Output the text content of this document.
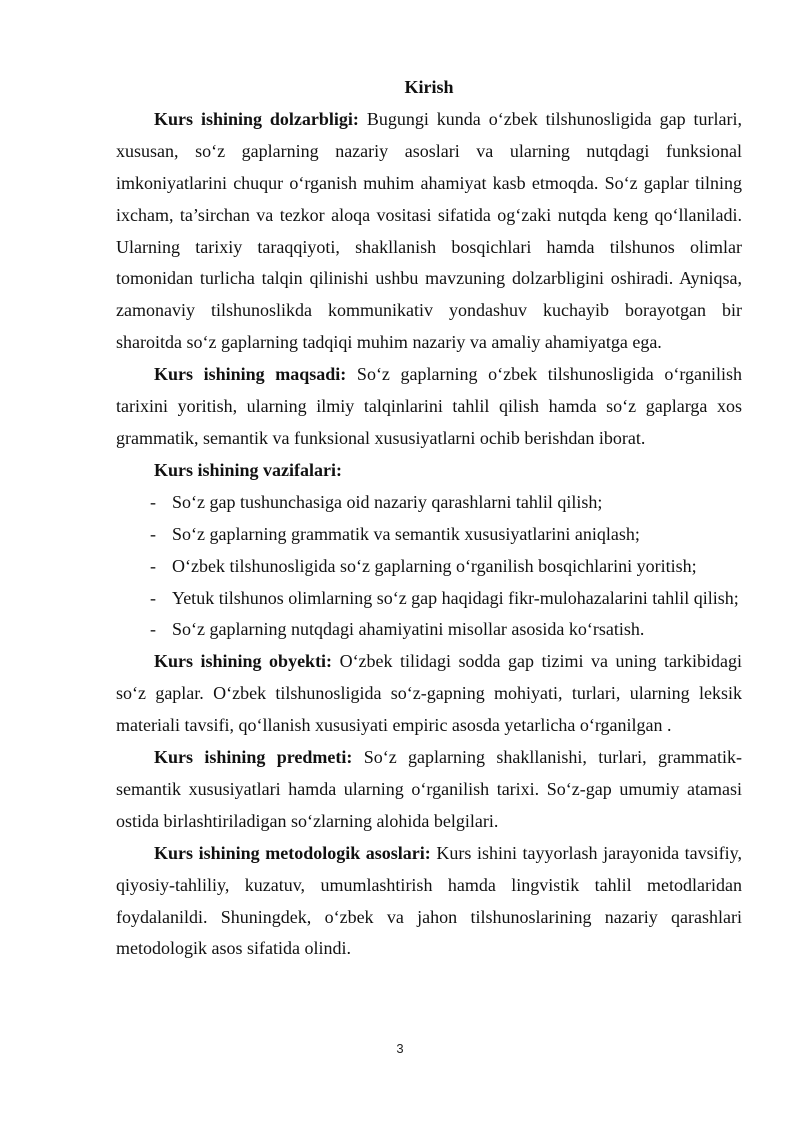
Kirish

Kurs ishining dolzarbligi: Bugungi kunda o‘zbek tilshunosligida gap turlari, xususan, so‘z gaplarning nazariy asoslari va ularning nutqdagi funksional imkoniyatlarini chuqur o‘rganish muhim ahamiyat kasb etmoqda. So‘z gaplar tilning ixcham, ta’sirchan va tezkor aloqa vositasi sifatida og‘zaki nutqda keng qo‘llaniladi. Ularning tarixiy taraqqiyoti, shakllanish bosqichlari hamda tilshunos olimlar tomonidan turlicha talqin qilinishi ushbu mavzuning dolzarbligini oshiradi. Ayniqsa, zamonaviy tilshunoslikda kommunikativ yondashuv kuchayib borayotgan bir sharoitda so‘z gaplarning tadqiqi muhim nazariy va amaliy ahamiyatga ega.

Kurs ishining maqsadi: So‘z gaplarning o‘zbek tilshunosligida o‘rganilish tarixini yoritish, ularning ilmiy talqinlarini tahlil qilish hamda so‘z gaplarga xos grammatik, semantik va funksional xususiyatlarni ochib berishdan iborat.

Kurs ishining vazifalari:

- So‘z gap tushunchasiga oid nazariy qarashlarni tahlil qilish;

- So‘z gaplarning grammatik va semantik xususiyatlarini aniqlash;

- O‘zbek tilshunosligida so‘z gaplarning o‘rganilish bosqichlarini yoritish;

- Yetuk tilshunos olimlarning so‘z gap haqidagi fikr-mulohazalarini tahlil qilish;

- So‘z gaplarning nutqdagi ahamiyatini misollar asosida ko‘rsatish.

Kurs ishining obyekti: O‘zbek tilidagi sodda gap tizimi va uning tarkibidagi so‘z gaplar. O‘zbek tilshunosligida so‘z-gapning mohiyati, turlari, ularning leksik materiali tavsifi, qo‘llanish xususiyati empiric asosda yetarlicha o‘rganilgan .

Kurs ishining predmeti: So‘z gaplarning shakllanishi, turlari, grammatik-semantik xususiyatlari hamda ularning o‘rganilish tarixi. So‘z-gap umumiy atamasi ostida birlashtiriladigan so‘zlarning alohida belgilari.

Kurs ishining metodologik asoslari: Kurs ishini tayyorlash jarayonida tavsifiy, qiyosiy-tahliliy, kuzatuv, umumlashtirish hamda lingvistik tahlil metodlaridan foydalanildi. Shuningdek, o‘zbek va jahon tilshunoslarining nazariy qarashlari metodologik asos sifatida olindi.

3
